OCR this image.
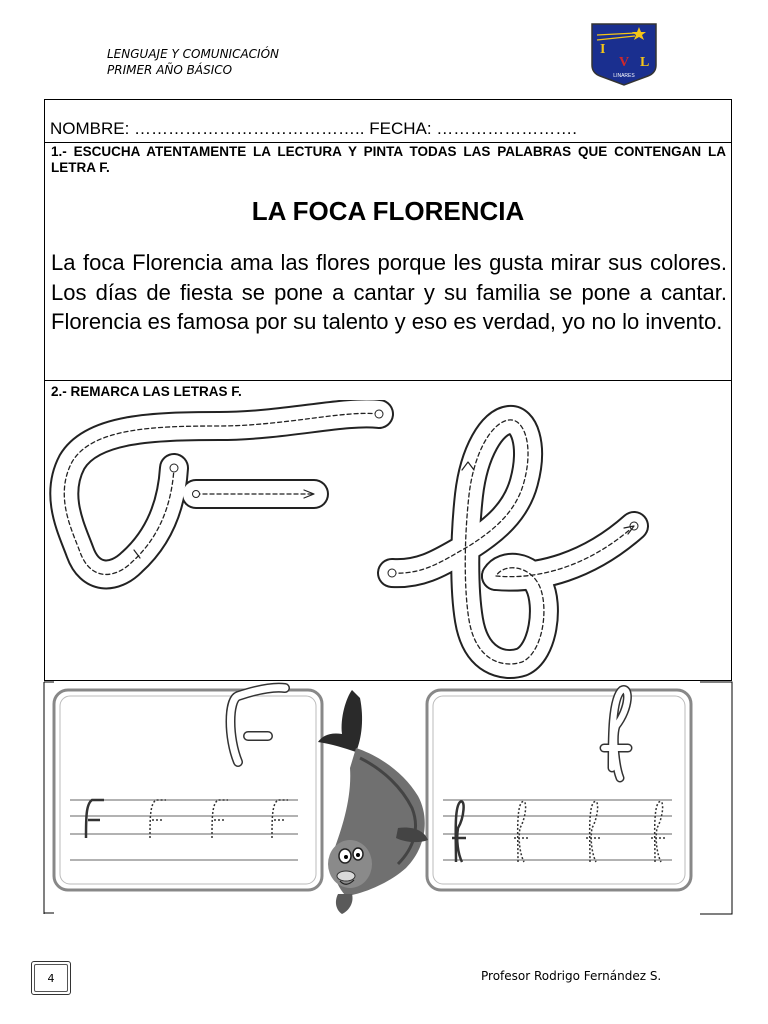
LENGUAJE Y COMUNICACIÓN
PRIMER AÑO BÁSICO
I
V L
LINARES
NOMBRE: ………………………………….. FECHA: …………………….
1.- ESCUCHA ATENTAMENTE LA LECTURA Y PINTA TODAS LAS PALABRAS QUE CONTENGAN LA LETRA F.
LA FOCA FLORENCIA
La foca Florencia ama las flores porque les gusta mirar sus colores. Los días de fiesta se pone a cantar y su familia se pone a cantar. Florencia es famosa por su talento y eso es verdad, yo no lo invento.
2.- REMARCA LAS LETRAS F.
4	Profesor Rodrigo Fernández S.
